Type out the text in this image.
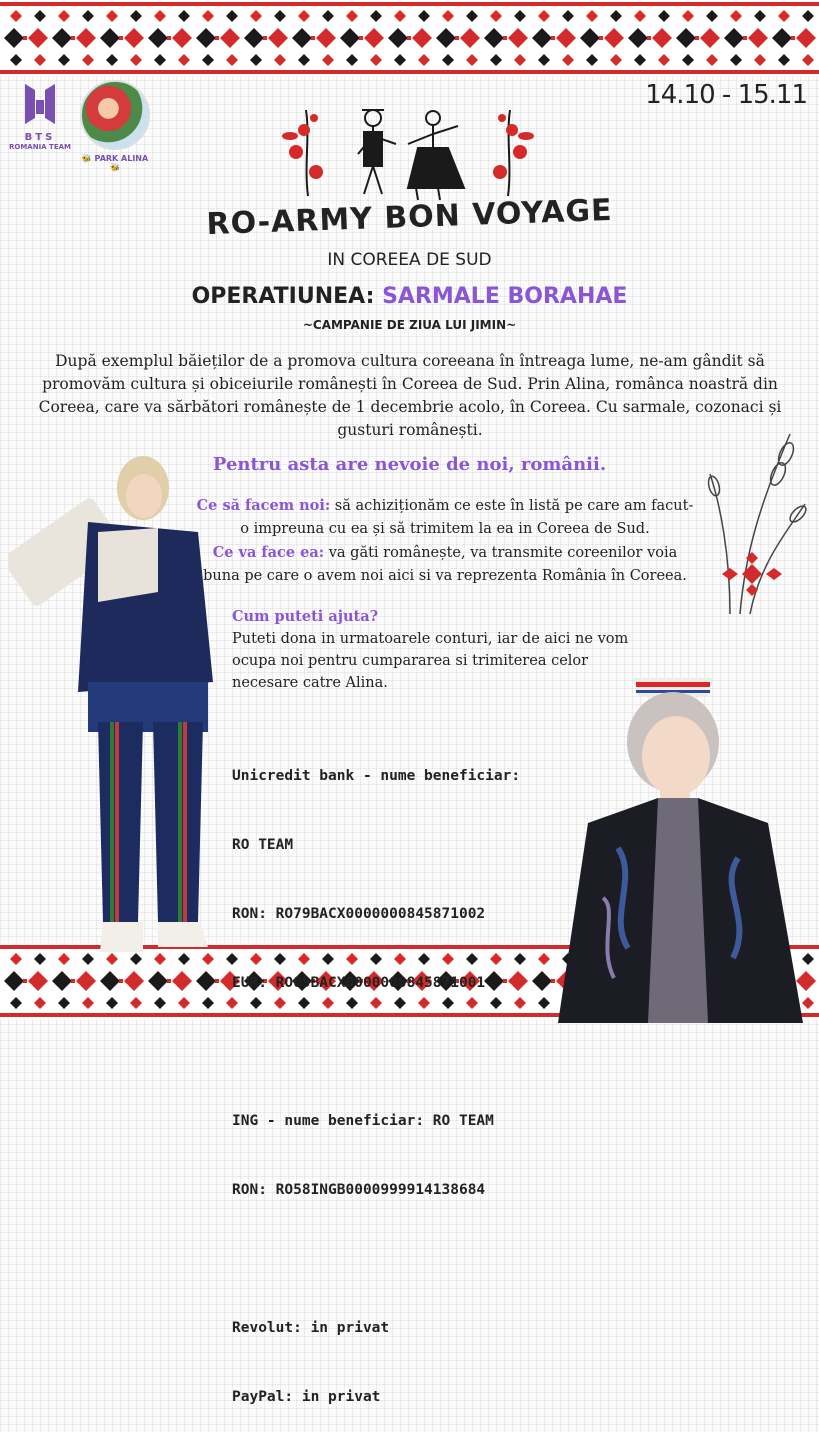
BTS
ROMANIA TEAM
🐝 PARK ALINA 🐝
14.10 - 15.11
RO-ARMY BON VOYAGE
IN COREEA DE SUD
OPERATIUNEA: SARMALE BORAHAE
~CAMPANIE DE ZIUA LUI JIMIN~
După exemplul băieților de a promova cultura coreeana în întreaga lume, ne-am gândit să promovăm cultura și obiceiurile românești în Coreea de Sud. Prin Alina, românca noastră din Coreea, care va sărbători românește de 1 decembrie acolo, în Coreea. Cu sarmale, cozonaci și gusturi românești.
Pentru asta are nevoie de noi, românii.
Ce să facem noi: să achiziționăm ce este în listă pe care am facut-o impreuna cu ea și să trimitem la ea in Coreea de Sud.
Ce va face ea: va găti românește, va transmite coreenilor voia buna pe care o avem noi aici si va reprezenta România în Coreea.
Cum puteti ajuta?
Puteti dona in urmatoarele conturi, iar de aici ne vom ocupa noi pentru cumpararea si trimiterea celor necesare catre Alina.

Unicredit bank - nume beneficiar:

RO TEAM

RON: RO79BACX0000000845871002

EUR: RO09BACX0000000845871001

ING - nume beneficiar: RO TEAM

RON: RO58INGB0000999914138684

Revolut: in privat

PayPal: in privat
